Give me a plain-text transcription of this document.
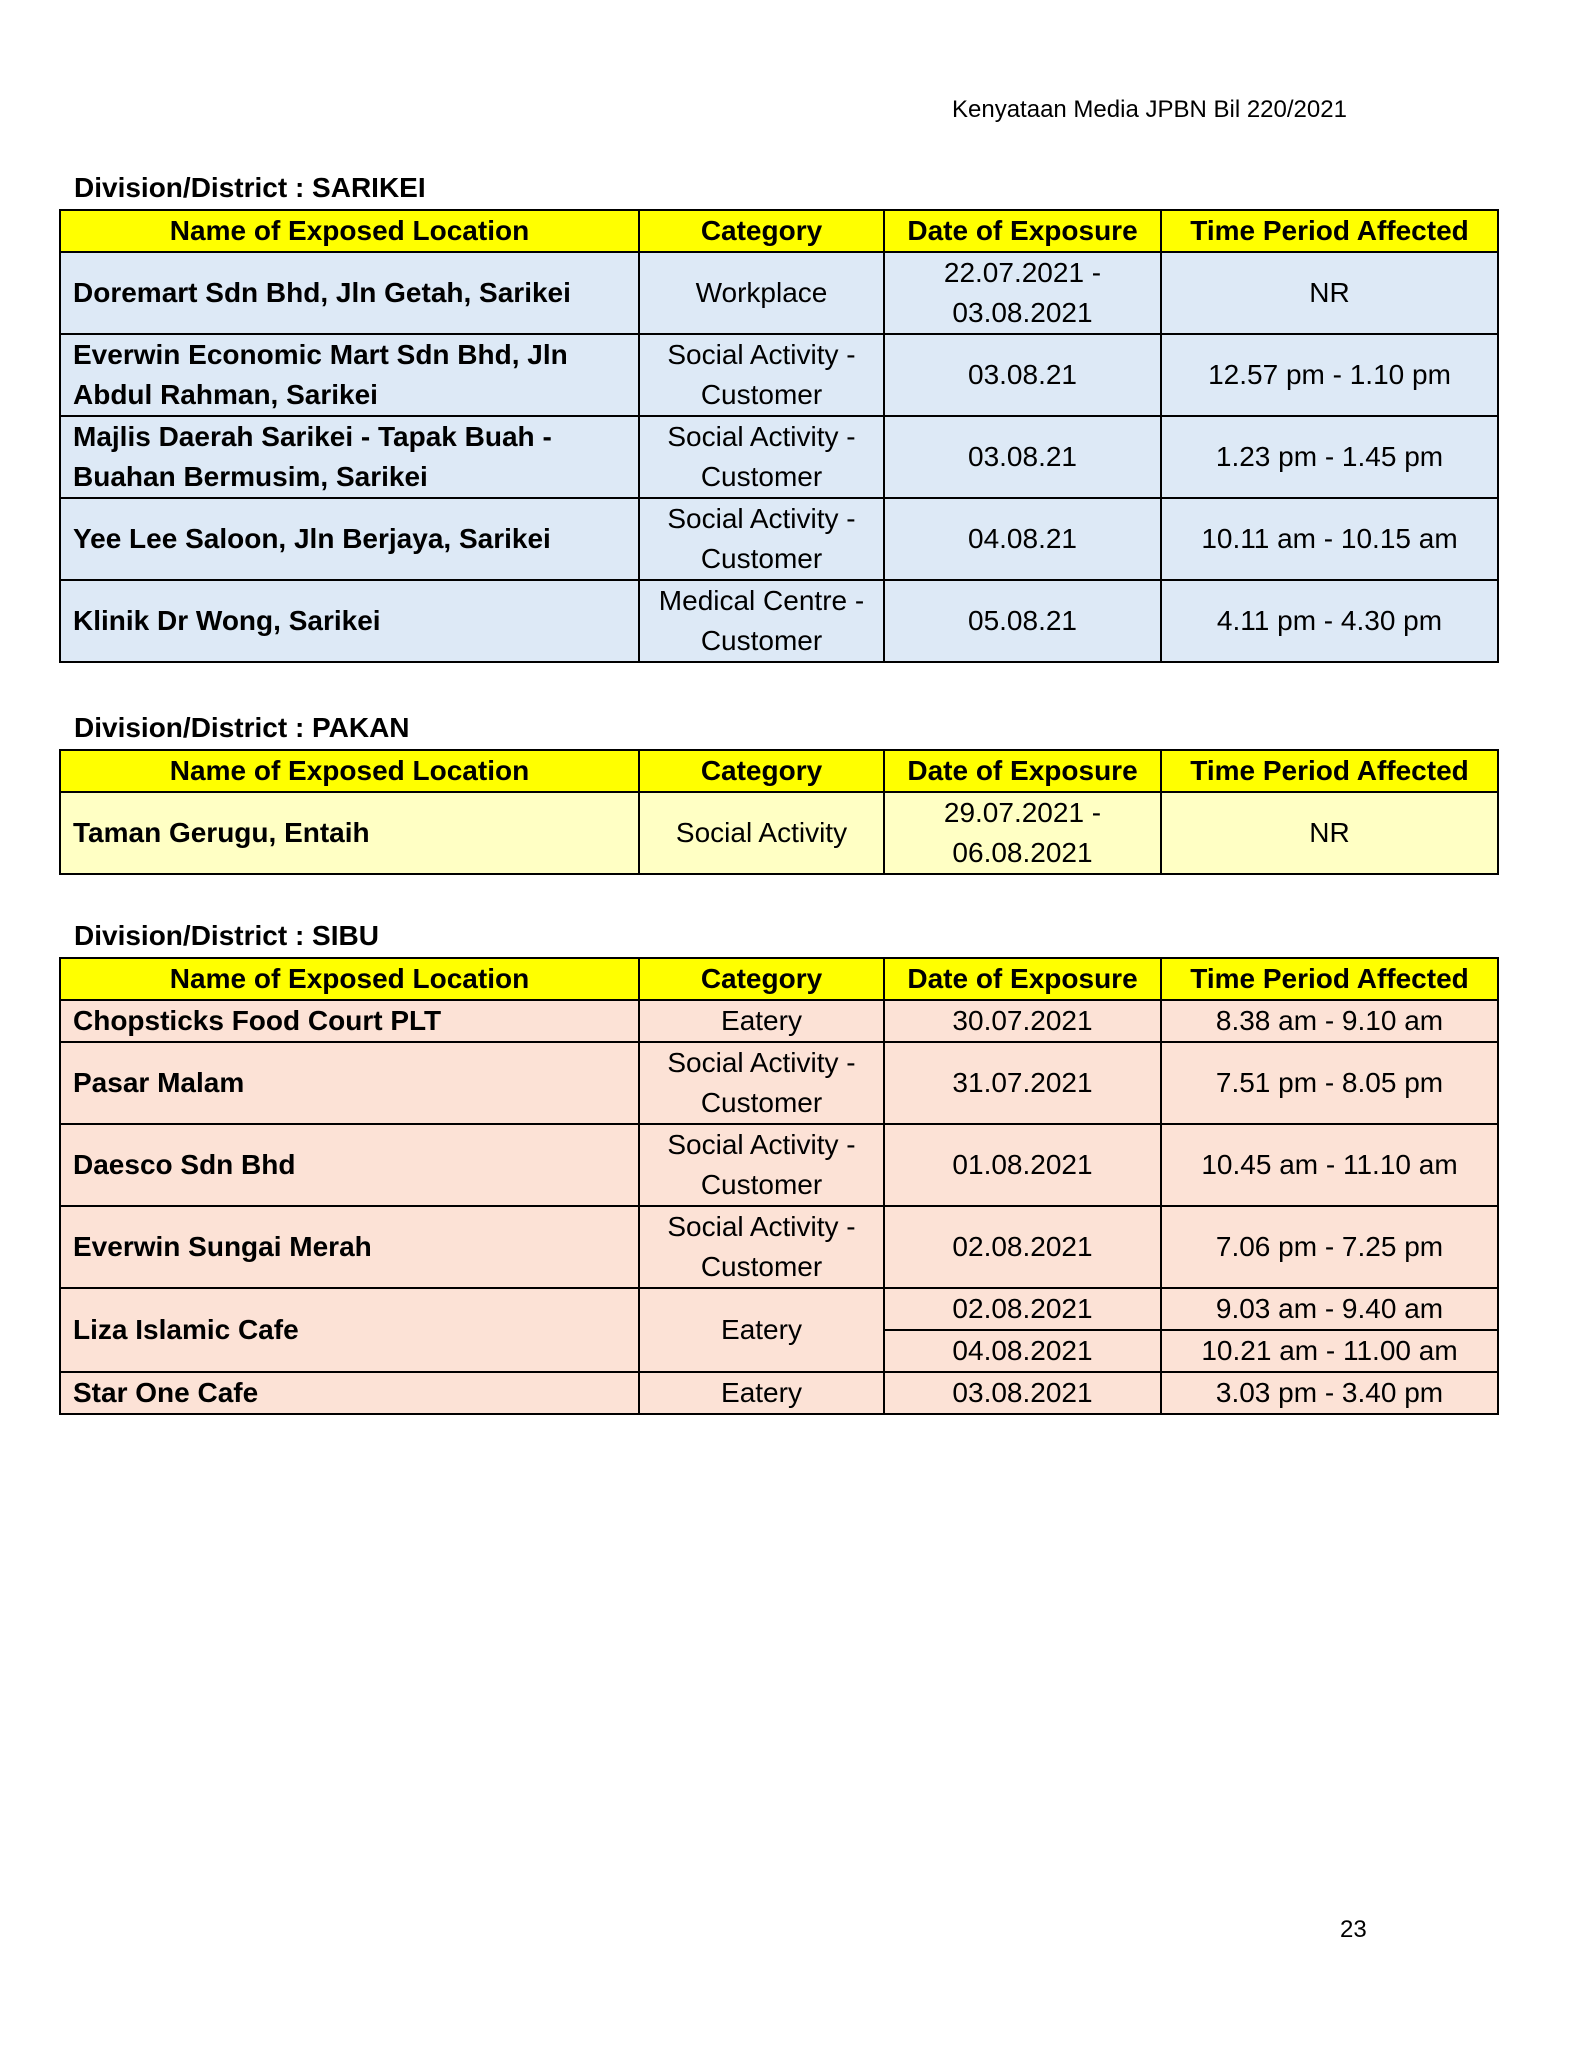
Kenyataan Media JPBN Bil 220/2021
Division/District : SARIKEI
Name of Exposed Location	Category	Date of Exposure	Time Period Affected
Doremart Sdn Bhd, Jln Getah, Sarikei	Workplace	22.07.2021 - 03.08.2021	NR
Everwin Economic Mart Sdn Bhd, Jln Abdul Rahman, Sarikei	Social Activity - Customer	03.08.21	12.57 pm - 1.10 pm
Majlis Daerah Sarikei - Tapak Buah - Buahan Bermusim, Sarikei	Social Activity - Customer	03.08.21	1.23 pm - 1.45 pm
Yee Lee Saloon, Jln Berjaya, Sarikei	Social Activity - Customer	04.08.21	10.11 am - 10.15 am
Klinik Dr Wong, Sarikei	Medical Centre - Customer	05.08.21	4.11 pm - 4.30 pm
Division/District : PAKAN
Name of Exposed Location	Category	Date of Exposure	Time Period Affected
Taman Gerugu, Entaih	Social Activity	29.07.2021 - 06.08.2021	NR
Division/District : SIBU
Name of Exposed Location	Category	Date of Exposure	Time Period Affected
Chopsticks Food Court PLT	Eatery	30.07.2021	8.38 am - 9.10 am
Pasar Malam	Social Activity - Customer	31.07.2021	7.51 pm - 8.05 pm
Daesco Sdn Bhd	Social Activity - Customer	01.08.2021	10.45 am - 11.10 am
Everwin Sungai Merah	Social Activity - Customer	02.08.2021	7.06 pm - 7.25 pm
Liza Islamic Cafe	Eatery	02.08.2021	9.03 am - 9.40 am
		04.08.2021	10.21 am - 11.00 am
Star One Cafe	Eatery	03.08.2021	3.03 pm - 3.40 pm
23
